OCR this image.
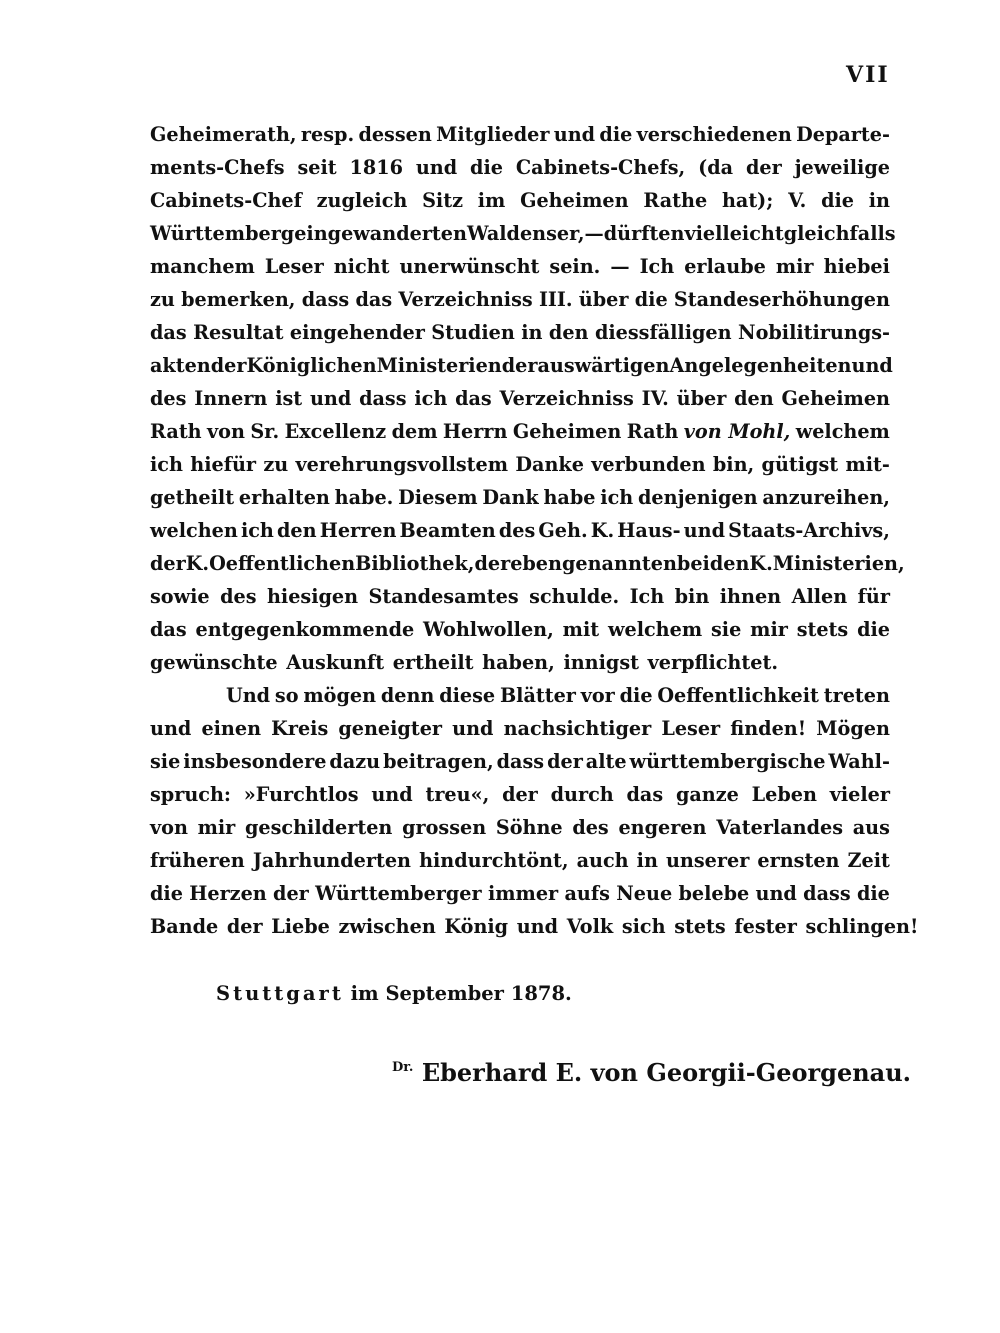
VII
Geheimerath, resp. dessen Mitglieder und die verschiedenen Departe-
ments-Chefs seit 1816 und die Cabinets-Chefs, (da der jeweilige
Cabinets-Chef zugleich Sitz im Geheimen Rathe hat); V. die in
Württemberg eingewanderten Waldenser, — dürften vielleicht gleichfalls
manchem Leser nicht unerwünscht sein. — Ich erlaube mir hiebei
zu bemerken, dass das Verzeichniss III. über die Standeserhöhungen
das Resultat eingehender Studien in den diessfälligen Nobilitirungs-
akten der Königlichen Ministerien der auswärtigen Angelegenheiten und
des Innern ist und dass ich das Verzeichniss IV. über den Geheimen
Rath von Sr. Excellenz dem Herrn Geheimen Rath von Mohl, welchem
ich hiefür zu verehrungsvollstem Danke verbunden bin, gütigst mit-
getheilt erhalten habe. Diesem Dank habe ich denjenigen anzureihen,
welchen ich den Herren Beamten des Geh. K. Haus- und Staats-Archivs,
der K. Oeffentlichen Bibliothek, der eben genannten beiden K. Ministerien,
sowie des hiesigen Standesamtes schulde. Ich bin ihnen Allen für
das entgegenkommende Wohlwollen, mit welchem sie mir stets die
gewünschte Auskunft ertheilt haben, innigst verpflichtet.
Und so mögen denn diese Blätter vor die Oeffentlichkeit treten
und einen Kreis geneigter und nachsichtiger Leser finden! Mögen
sie insbesondere dazu beitragen, dass der alte württembergische Wahl-
spruch: »Furchtlos und treu«, der durch das ganze Leben vieler
von mir geschilderten grossen Söhne des engeren Vaterlandes aus
früheren Jahrhunderten hindurchtönt, auch in unserer ernsten Zeit
die Herzen der Württemberger immer aufs Neue belebe und dass die
Bande der Liebe zwischen König und Volk sich stets fester schlingen!
Stuttgart im September 1878.
$^{Dr.}$ Eberhard E. von Georgii-Georgenau.
